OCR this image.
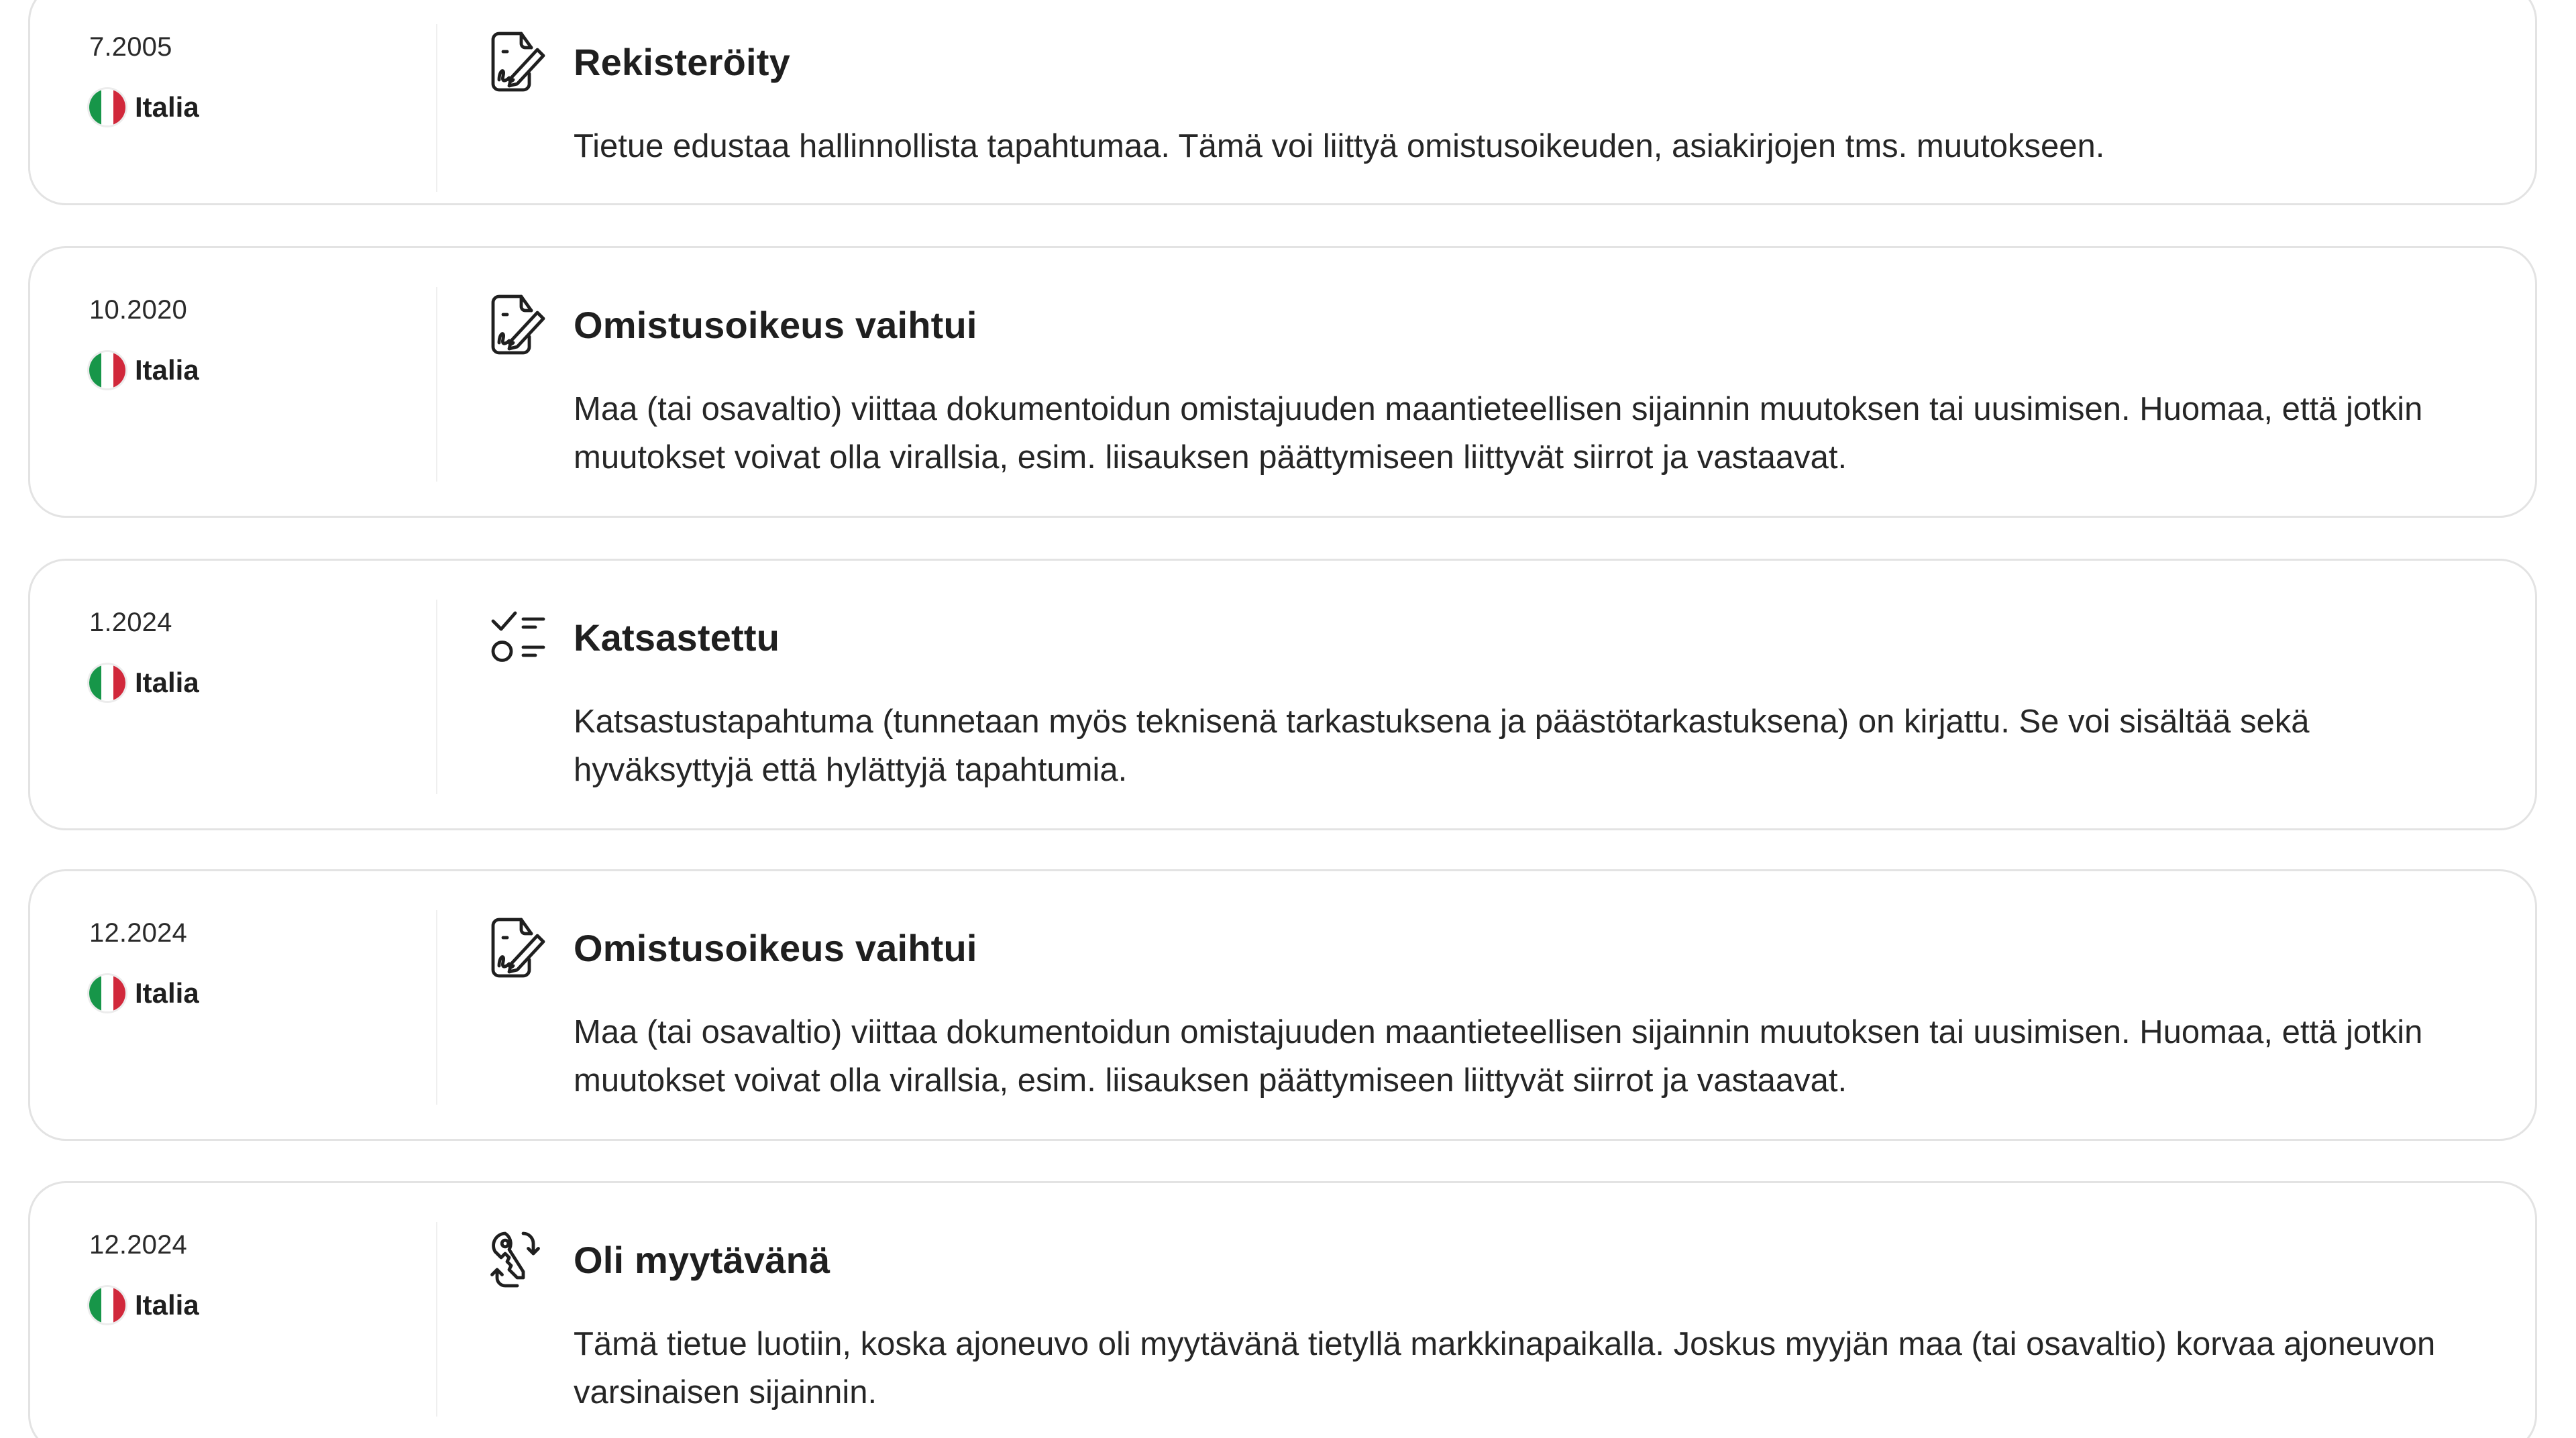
7.2005
Italia
Rekisteröity
Tietue edustaa hallinnollista tapahtumaa. Tämä voi liittyä omistusoikeuden, asiakirjojen tms. muutokseen.
10.2020
Italia
Omistusoikeus vaihtui
Maa (tai osavaltio) viittaa dokumentoidun omistajuuden maantieteellisen sijainnin muutoksen tai uusimisen. Huomaa, että jotkin muutokset voivat olla virallsia, esim. liisauksen päättymiseen liittyvät siirrot ja vastaavat.
1.2024
Italia
Katsastettu
Katsastustapahtuma (tunnetaan myös teknisenä tarkastuksena ja päästötarkastuksena) on kirjattu. Se voi sisältää sekä hyväksyttyjä että hylättyjä tapahtumia.
12.2024
Italia
Omistusoikeus vaihtui
Maa (tai osavaltio) viittaa dokumentoidun omistajuuden maantieteellisen sijainnin muutoksen tai uusimisen. Huomaa, että jotkin muutokset voivat olla virallsia, esim. liisauksen päättymiseen liittyvät siirrot ja vastaavat.
12.2024
Italia
Oli myytävänä
Tämä tietue luotiin, koska ajoneuvo oli myytävänä tietyllä markkinapaikalla. Joskus myyjän maa (tai osavaltio) korvaa ajoneuvon varsinaisen sijainnin.
